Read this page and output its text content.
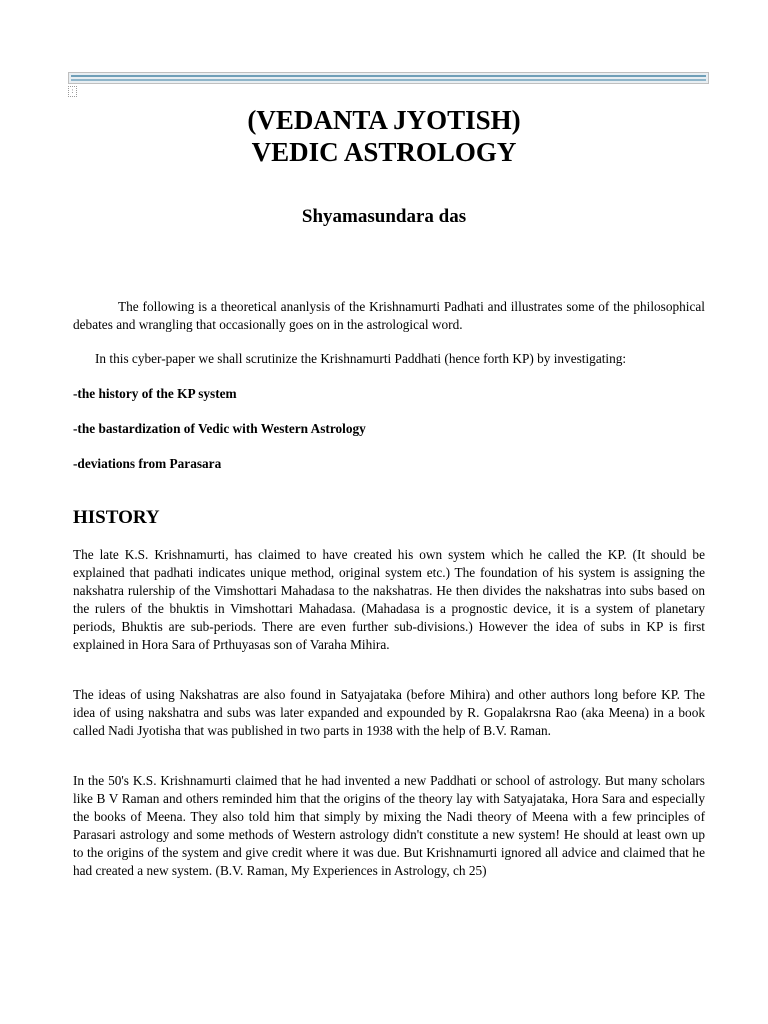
:
(VEDANTA JYOTISH)
VEDIC ASTROLOGY
Shyamasundara das

The following is a theoretical ananlysis of the Krishnamurti Padhati and illustrates some of the philosophical debates and wrangling that occasionally goes on in the astrological word.

In this cyber-paper we shall scrutinize the Krishnamurti Paddhati (hence forth KP) by investigating:

-the history of the KP system
-the bastardization of Vedic with Western Astrology
-deviations from Parasara
HISTORY

The late K.S. Krishnamurti, has claimed to have created his own system which he called the KP. (It should be explained that padhati indicates unique method, original system etc.) The foundation of his system is assigning the nakshatra rulership of the Vimshottari Mahadasa to the nakshatras. He then divides the nakshatras into subs based on the rulers of the bhuktis in Vimshottari Mahadasa. (Mahadasa is a prognostic device, it is a system of planetary periods, Bhuktis are sub-periods. There are even further sub-divisions.) However the idea of subs in KP is first explained in Hora Sara of Prthuyasas son of Varaha Mihira.

The ideas of using Nakshatras are also found in Satyajataka (before Mihira) and other authors long before KP. The idea of using nakshatra and subs was later expanded and expounded by R. Gopalakrsna Rao (aka Meena) in a book called Nadi Jyotisha that was published in two parts in 1938 with the help of B.V. Raman.

In the 50's K.S. Krishnamurti claimed that he had invented a new Paddhati or school of astrology. But many scholars like B V Raman and others reminded him that the origins of the theory lay with Satyajataka, Hora Sara and especially the books of Meena. They also told him that simply by mixing the Nadi theory of Meena with a few principles of Parasari astrology and some methods of Western astrology didn't constitute a new system! He should at least own up to the origins of the system and give credit where it was due. But Krishnamurti ignored all advice and claimed that he had created a new system. (B.V. Raman, My Experiences in Astrology, ch 25)
